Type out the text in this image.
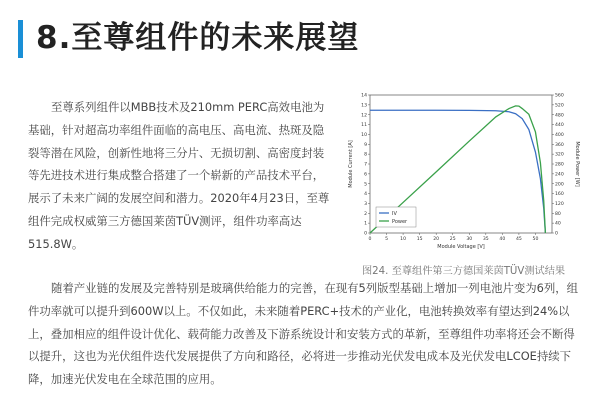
8.至尊组件的未来展望

至尊系列组件以MBB技术及210mm PERC高效电池为基础，针对超高功率组件面临的高电压、高电流、热斑及隐裂等潜在风险，创新性地将三分片、无损切割、高密度封装等先进技术进行集成整合搭建了一个崭新的产品技术平台，展示了未来广阔的发展空间和潜力。2020年4月23日，至尊组件完成权威第三方德国莱茵TÜV测评，组件功率高达515.8W。	0	5	10 15 20 25 30 35 40 45 50
0
1
2
3
4
5
6
7
8
9
10
11
12
13
14
0
40
80
120
160
200
240
280
320
360
400
440
480
520
560
Module Voltage [V]
Module Current [A]	Module Power [W]
IV
Power
图24. 至尊组件第三方德国莱茵TÜV测试结果

随着产业链的发展及完善特别是玻璃供给能力的完善，在现有5列版型基础上增加一列电池片变为6列，组件功率就可以提升到600W以上。不仅如此，未来随着PERC+技术的产业化，电池转换效率有望达到24%以上，叠加相应的组件设计优化、载荷能力改善及下游系统设计和安装方式的革新，至尊组件功率将还会不断得以提升，这也为光伏组件迭代发展提供了方向和路径，必将进一步推动光伏发电成本及光伏发电LCOE持续下降，加速光伏发电在全球范围的应用。
